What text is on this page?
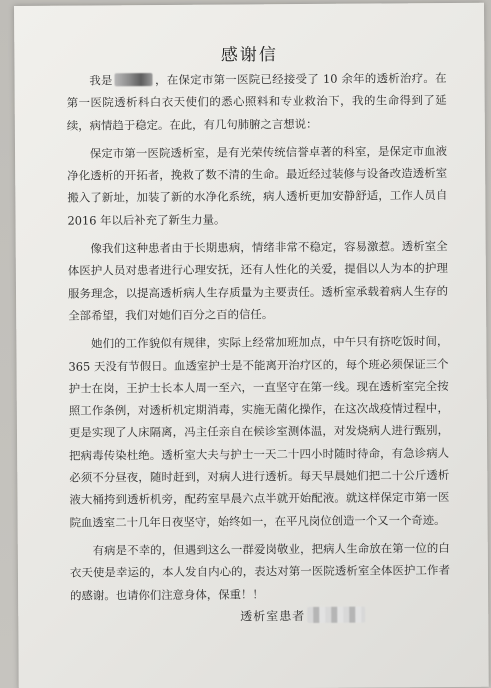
感谢信

我是	，在保定市第一医院已经接受了 10 余年的透析治疗。在第一医院透析科白衣天使们的悉心照料和专业救治下，我的生命得到了延续，病情趋于稳定。在此，有几句肺腑之言想说：

保定市第一医院透析室，是有光荣传统信誉卓著的科室，是保定市血液净化透析的开拓者，挽救了数不清的生命。最近经过装修与设备改造透析室搬入了新址，加装了新的水净化系统，病人透析更加安静舒适，工作人员自 2016 年以后补充了新生力量。

像我们这种患者由于长期患病，情绪非常不稳定，容易激惹。透析室全体医护人员对患者进行心理安抚，还有人性化的关爱，提倡以人为本的护理服务理念，以提高透析病人生存质量为主要责任。透析室承载着病人生存的全部希望，我们对她们百分之百的信任。

她们的工作貌似有规律，实际上经常加班加点，中午只有挤吃饭时间，365 天没有节假日。血透室护士是不能离开治疗区的，每个班必须保证三个护士在岗，王护士长本人周一至六，一直坚守在第一线。现在透析室完全按照工作条例，对透析机定期消毒，实施无菌化操作，在这次战疫情过程中，更是实现了人床隔离，冯主任亲自在候诊室测体温，对发烧病人进行甄别，把病毒传染杜绝。透析室大夫与护士一天二十四小时随时待命，有急诊病人必须不分昼夜，随时赶到，对病人进行透析。每天早晨她们把二十公斤透析液大桶挎到透析机旁，配药室早晨六点半就开始配液。就这样保定市第一医院血透室二十几年日夜坚守，始终如一，在平凡岗位创造一个又一个奇迹。

有病是不幸的，但遇到这么一群爱岗敬业，把病人生命放在第一位的白衣天使是幸运的，本人发自内心的，表达对第一医院透析室全体医护工作者的感谢。也请你们注意身体，保重！！

透析室患者
